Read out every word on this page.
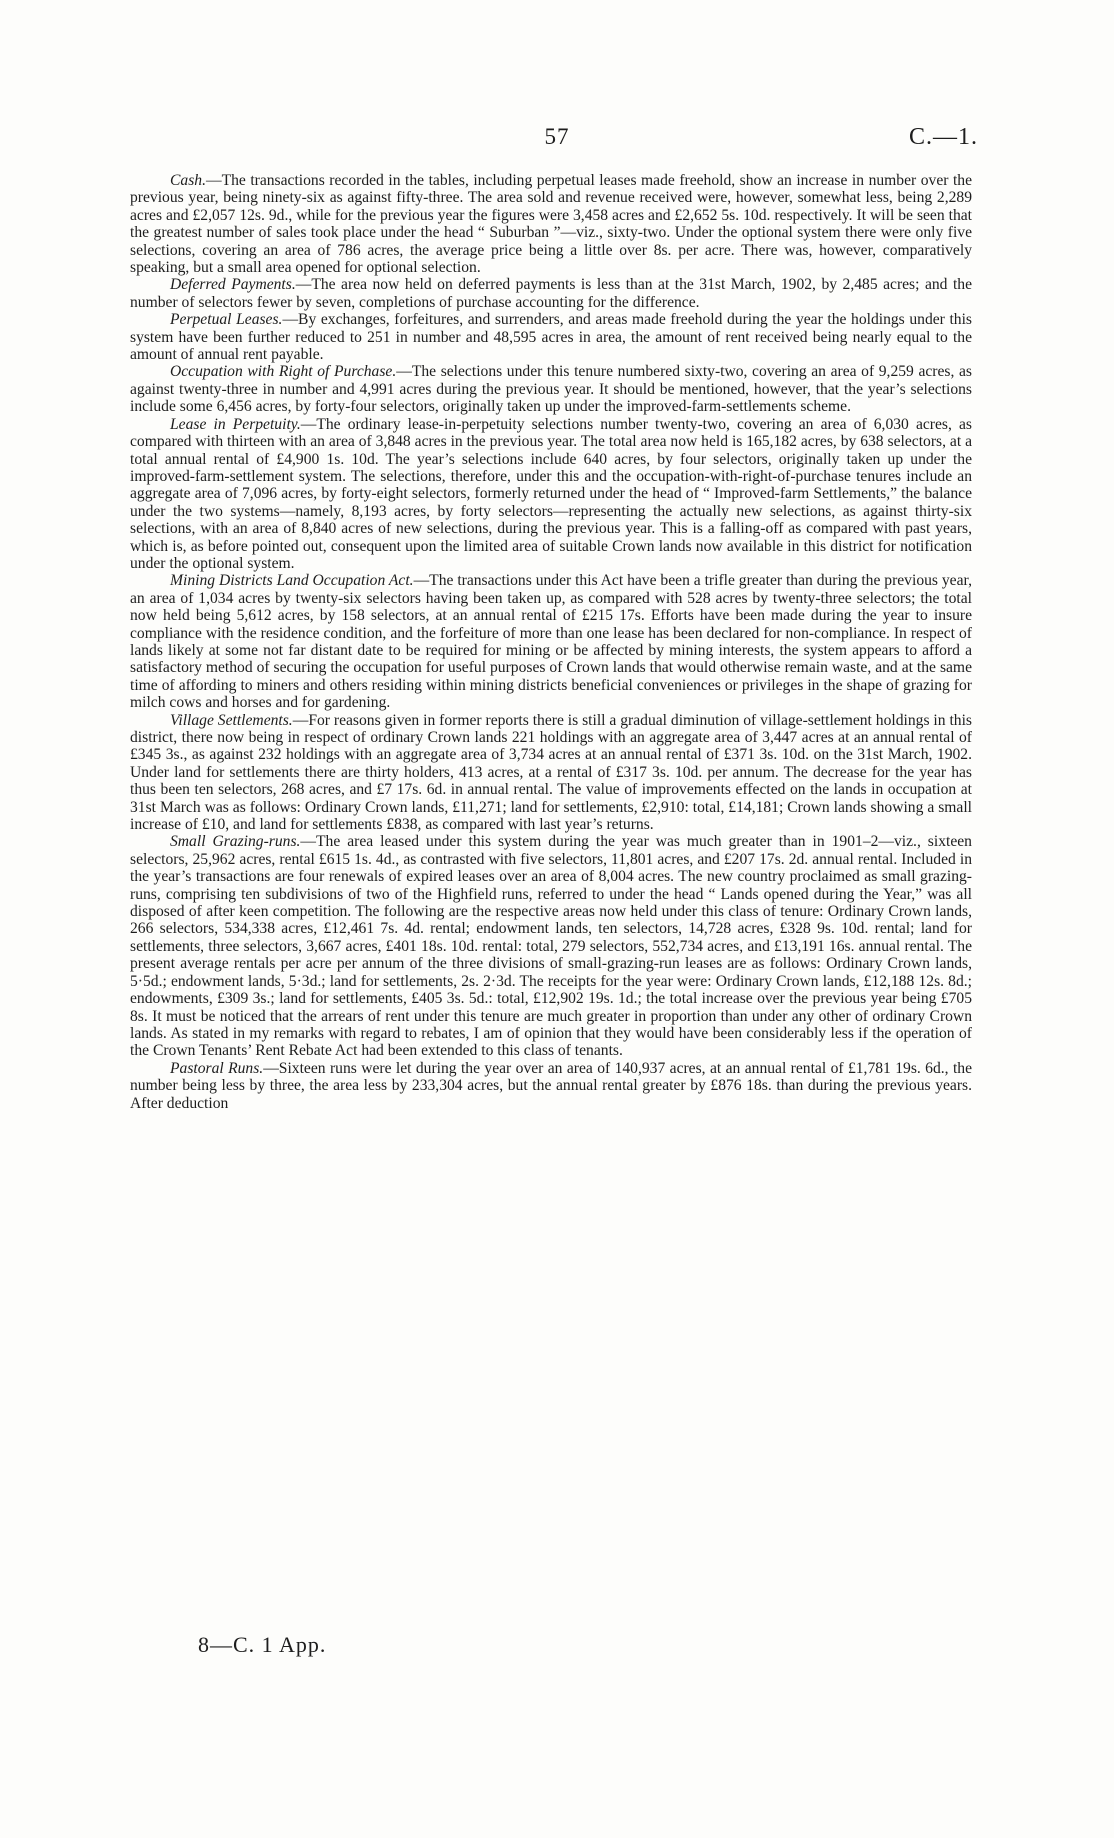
57	C.—1.

Cash.—The transactions recorded in the tables, including perpetual leases made freehold, show an increase in number over the previous year, being ninety-six as against fifty-three. The area sold and revenue received were, however, somewhat less, being 2,289 acres and £2,057 12s. 9d., while for the previous year the figures were 3,458 acres and £2,652 5s. 10d. respectively. It will be seen that the greatest number of sales took place under the head “ Suburban ”—viz., sixty-two. Under the optional system there were only five selections, covering an area of 786 acres, the average price being a little over 8s. per acre. There was, however, comparatively speaking, but a small area opened for optional selection.

Deferred Payments.—The area now held on deferred payments is less than at the 31st March, 1902, by 2,485 acres; and the number of selectors fewer by seven, completions of purchase accounting for the difference.

Perpetual Leases.—By exchanges, forfeitures, and surrenders, and areas made freehold during the year the holdings under this system have been further reduced to 251 in number and 48,595 acres in area, the amount of rent received being nearly equal to the amount of annual rent payable.

Occupation with Right of Purchase.—The selections under this tenure numbered sixty-two, covering an area of 9,259 acres, as against twenty-three in number and 4,991 acres during the previous year. It should be mentioned, however, that the year’s selections include some 6,456 acres, by forty-four selectors, originally taken up under the improved-farm-settlements scheme.

Lease in Perpetuity.—The ordinary lease-in-perpetuity selections number twenty-two, covering an area of 6,030 acres, as compared with thirteen with an area of 3,848 acres in the previous year. The total area now held is 165,182 acres, by 638 selectors, at a total annual rental of £4,900 1s. 10d. The year’s selections include 640 acres, by four selectors, originally taken up under the improved-farm-settlement system. The selections, therefore, under this and the occupation-with-right-of-purchase tenures include an aggregate area of 7,096 acres, by forty-eight selectors, formerly returned under the head of “ Improved-farm Settlements,” the balance under the two systems—namely, 8,193 acres, by forty selectors—representing the actually new selections, as against thirty-six selections, with an area of 8,840 acres of new selections, during the previous year. This is a falling-off as compared with past years, which is, as before pointed out, consequent upon the limited area of suitable Crown lands now available in this district for notification under the optional system.

Mining Districts Land Occupation Act.—The transactions under this Act have been a trifle greater than during the previous year, an area of 1,034 acres by twenty-six selectors having been taken up, as compared with 528 acres by twenty-three selectors; the total now held being 5,612 acres, by 158 selectors, at an annual rental of £215 17s. Efforts have been made during the year to insure compliance with the residence condition, and the forfeiture of more than one lease has been declared for non-compliance. In respect of lands likely at some not far distant date to be required for mining or be affected by mining interests, the system appears to afford a satisfactory method of securing the occupation for useful purposes of Crown lands that would otherwise remain waste, and at the same time of affording to miners and others residing within mining districts beneficial conveniences or privileges in the shape of grazing for milch cows and horses and for gardening.

Village Settlements.—For reasons given in former reports there is still a gradual diminution of village-settlement holdings in this district, there now being in respect of ordinary Crown lands 221 holdings with an aggregate area of 3,447 acres at an annual rental of £345 3s., as against 232 holdings with an aggregate area of 3,734 acres at an annual rental of £371 3s. 10d. on the 31st March, 1902. Under land for settlements there are thirty holders, 413 acres, at a rental of £317 3s. 10d. per annum. The decrease for the year has thus been ten selectors, 268 acres, and £7 17s. 6d. in annual rental. The value of improvements effected on the lands in occupation at 31st March was as follows: Ordinary Crown lands, £11,271; land for settlements, £2,910: total, £14,181; Crown lands showing a small increase of £10, and land for settlements £838, as compared with last year’s returns.

Small Grazing-runs.—The area leased under this system during the year was much greater than in 1901–2—viz., sixteen selectors, 25,962 acres, rental £615 1s. 4d., as contrasted with five selectors, 11,801 acres, and £207 17s. 2d. annual rental. Included in the year’s transactions are four renewals of expired leases over an area of 8,004 acres. The new country proclaimed as small grazing-runs, comprising ten subdivisions of two of the Highfield runs, referred to under the head “ Lands opened during the Year,” was all disposed of after keen competition. The following are the respective areas now held under this class of tenure: Ordinary Crown lands, 266 selectors, 534,338 acres, £12,461 7s. 4d. rental; endowment lands, ten selectors, 14,728 acres, £328 9s. 10d. rental; land for settlements, three selectors, 3,667 acres, £401 18s. 10d. rental: total, 279 selectors, 552,734 acres, and £13,191 16s. annual rental. The present average rentals per acre per annum of the three divisions of small-grazing-run leases are as follows: Ordinary Crown lands, 5·5d.; endowment lands, 5·3d.; land for settlements, 2s. 2·3d. The receipts for the year were: Ordinary Crown lands, £12,188 12s. 8d.; endowments, £309 3s.; land for settlements, £405 3s. 5d.: total, £12,902 19s. 1d.; the total increase over the previous year being £705 8s. It must be noticed that the arrears of rent under this tenure are much greater in proportion than under any other of ordinary Crown lands. As stated in my remarks with regard to rebates, I am of opinion that they would have been considerably less if the operation of the Crown Tenants’ Rent Rebate Act had been extended to this class of tenants.

Pastoral Runs.—Sixteen runs were let during the year over an area of 140,937 acres, at an annual rental of £1,781 19s. 6d., the number being less by three, the area less by 233,304 acres, but the annual rental greater by £876 18s. than during the previous years. After deduction

8—C. 1 App.
